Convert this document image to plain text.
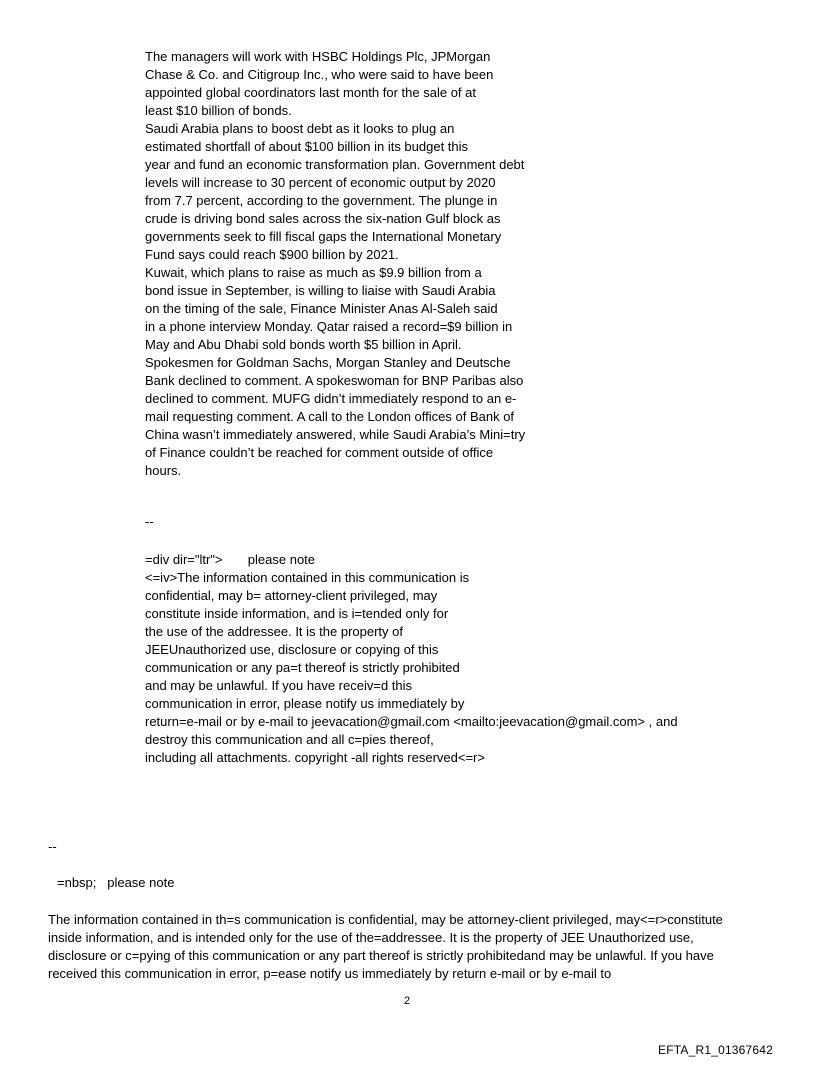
The managers will work with HSBC Holdings Plc, JPMorgan
Chase & Co. and Citigroup Inc., who were said to have been
appointed global coordinators last month for the sale of at
least $10 billion of bonds.
Saudi Arabia plans to boost debt as it looks to plug an
estimated shortfall of about $100 billion in its budget this
year and fund an economic transformation plan. Government debt
levels will increase to 30 percent of economic output by 2020
from 7.7 percent, according to the government. The plunge in
crude is driving bond sales across the six-nation Gulf block as
governments seek to fill fiscal gaps the International Monetary
Fund says could reach $900 billion by 2021.
Kuwait, which plans to raise as much as $9.9 billion from a
bond issue in September, is willing to liaise with Saudi Arabia
on the timing of the sale, Finance Minister Anas Al-Saleh said
in a phone interview Monday. Qatar raised a record=$9 billion in
May and Abu Dhabi sold bonds worth $5 billion in April.
Spokesmen for Goldman Sachs, Morgan Stanley and Deutsche
Bank declined to comment. A spokeswoman for BNP Paribas also
declined to comment. MUFG didn’t immediately respond to an e-
mail requesting comment. A call to the London offices of Bank of
China wasn’t immediately answered, while Saudi Arabia’s Mini=try
of Finance couldn’t be reached for comment outside of office
hours.
--
=div dir="ltr">       please note
<=iv>The information contained in this communication is
confidential, may b= attorney-client privileged, may
constitute inside information, and is i=tended only for
the use of the addressee. It is the property of
JEEUnauthorized use, disclosure or copying of this
communication or any pa=t thereof is strictly prohibited
and may be unlawful. If you have receiv=d this
communication in error, please notify us immediately by
return=e-mail or by e-mail to jeevacation@gmail.com <mailto:jeevacation@gmail.com> , and
destroy this communication and all c=pies thereof,
including all attachments. copyright -all rights reserved<=r>
--
=nbsp;   please note
The information contained in th=s communication is confidential, may be attorney-client privileged, may<=r>constitute
inside information, and is intended only for the use of the=addressee. It is the property of JEE Unauthorized use,
disclosure or c=pying of this communication or any part thereof is strictly prohibitedand may be unlawful. If you have
received this communication in error, p=ease notify us immediately by return e-mail or by e-mail to
2
EFTA_R1_01367642
